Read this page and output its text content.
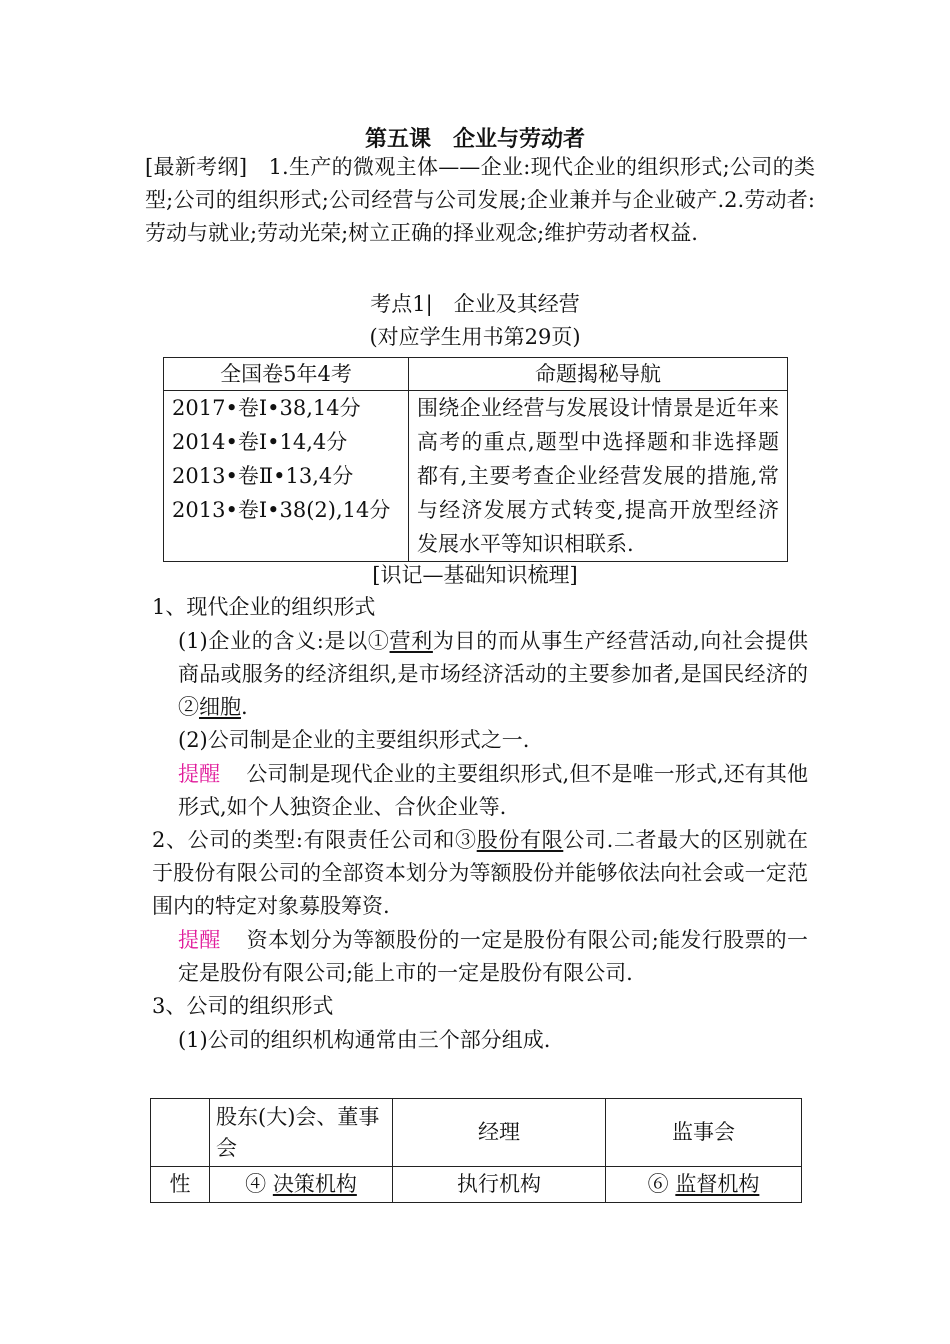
第五课　企业与劳动者
[最新考纲]　1.生产的微观主体——企业:现代企业的组织形式;公司的类型;公司的组织形式;公司经营与公司发展;企业兼并与企业破产.2.劳动者:劳动与就业;劳动光荣;树立正确的择业观念;维护劳动者权益.
考点1|　企业及其经营
(对应学生用书第29页)
全国卷5年4考	命题揭秘导航

2017•卷Ⅰ•38,14分
2014•卷Ⅰ•14,4分
2013•卷Ⅱ•13,4分
2013•卷Ⅰ•38(2),14分	围绕企业经营与发展设计情景是近年来高考的重点,题型中选择题和非选择题都有,主要考查企业经营发展的措施,常与经济发展方式转变,提高开放型经济发展水平等知识相联系.
[识记—基础知识梳理]
1、现代企业的组织形式
(1)企业的含义:是以①营利为目的而从事生产经营活动,向社会提供商品或服务的经济组织,是市场经济活动的主要参加者,是国民经济的②细胞.
(2)公司制是企业的主要组织形式之一.
提醒 公司制是现代企业的主要组织形式,但不是唯一形式,还有其他形式,如个人独资企业、合伙企业等.
2、公司的类型:有限责任公司和③股份有限公司.二者最大的区别就在于股份有限公司的全部资本划分为等额股份并能够依法向社会或一定范围内的特定对象募股筹资.
提醒 资本划分为等额股份的一定是股份有限公司;能发行股票的一定是股份有限公司;能上市的一定是股份有限公司.
3、公司的组织形式
(1)公司的组织机构通常由三个部分组成.
	股东(大)会、董事会	经理	监事会
性	④ 决策机构	执行机构	⑥ 监督机构
